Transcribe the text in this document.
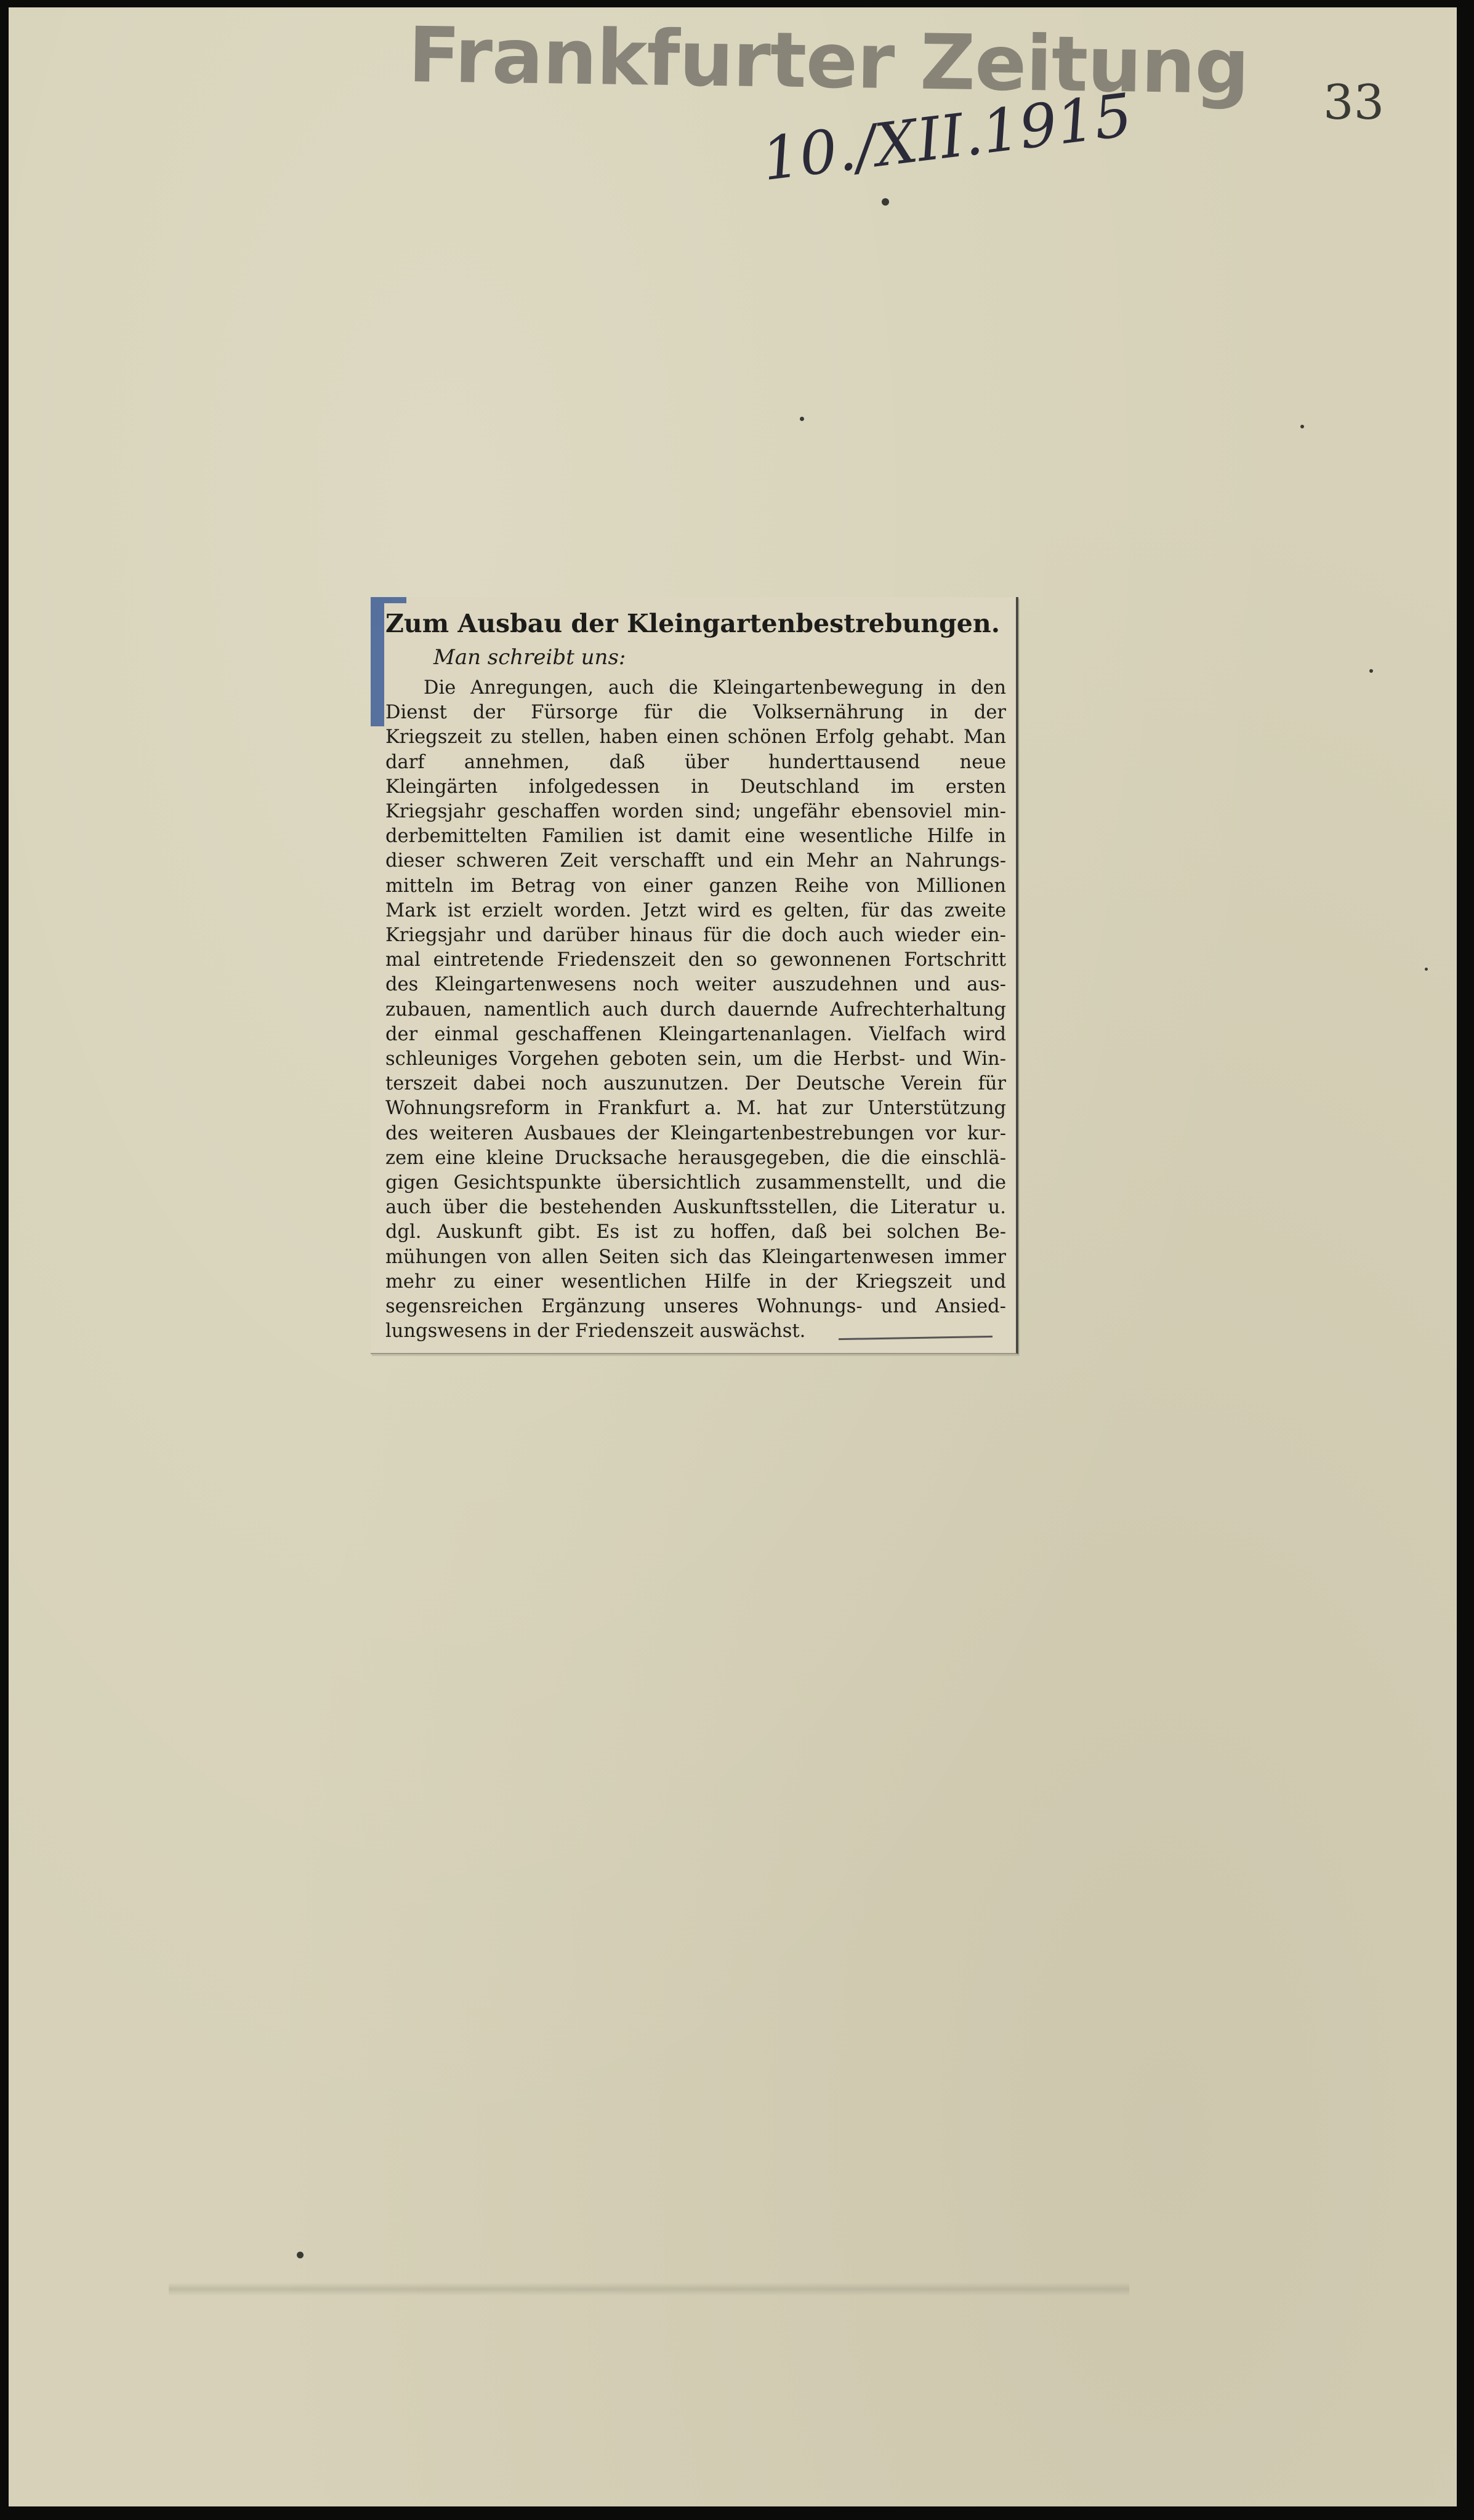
Frankfurter Zeitung
10./XII.1915	33
Zum Ausbau der Kleingartenbestrebungen.
Man schreibt uns:
Die Anregungen, auch die Kleingartenbewegung in den
Dienst der Fürsorge für die Volksernährung in der
Kriegszeit zu stellen, haben einen schönen Erfolg gehabt. Man
darf annehmen, daß über hunderttausend neue
Kleingärten infolgedessen in Deutschland im ersten
Kriegsjahr geschaffen worden sind; ungefähr ebensoviel min-
derbemittelten Familien ist damit eine wesentliche Hilfe in
dieser schweren Zeit verschafft und ein Mehr an Nahrungs-
mitteln im Betrag von einer ganzen Reihe von Millionen
Mark ist erzielt worden. Jetzt wird es gelten, für das zweite
Kriegsjahr und darüber hinaus für die doch auch wieder ein-
mal eintretende Friedenszeit den so gewonnenen Fortschritt
des Kleingartenwesens noch weiter auszudehnen und aus-
zubauen, namentlich auch durch dauernde Aufrechterhaltung
der einmal geschaffenen Kleingartenanlagen. Vielfach wird
schleuniges Vorgehen geboten sein, um die Herbst- und Win-
terszeit dabei noch auszunutzen. Der Deutsche Verein für
Wohnungsreform in Frankfurt a. M. hat zur Unterstützung
des weiteren Ausbaues der Kleingartenbestrebungen vor kur-
zem eine kleine Drucksache herausgegeben, die die einschlä-
gigen Gesichtspunkte übersichtlich zusammenstellt, und die
auch über die bestehenden Auskunftsstellen, die Literatur u.
dgl. Auskunft gibt. Es ist zu hoffen, daß bei solchen Be-
mühungen von allen Seiten sich das Kleingartenwesen immer
mehr zu einer wesentlichen Hilfe in der Kriegszeit und
segensreichen Ergänzung unseres Wohnungs- und Ansied-
lungswesens in der Friedenszeit auswächst.
